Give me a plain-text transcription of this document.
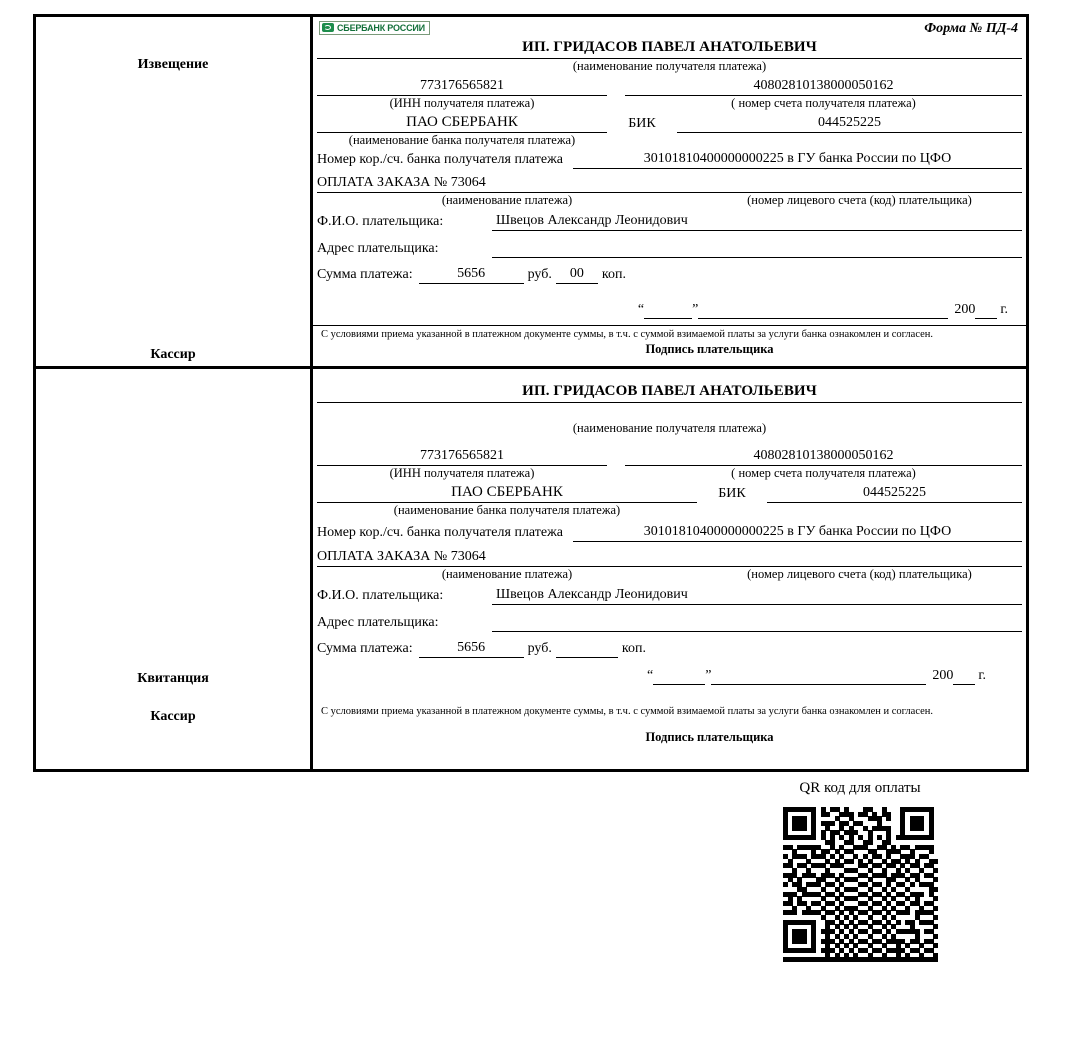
Извещение
Кассир
СБЕРБАНК РОССИИ	Форма № ПД-4
ИП. ГРИДАСОВ ПАВЕЛ АНАТОЛЬЕВИЧ
(наименование получателя платежа)
773176565821	40802810138000050162
(ИНН получателя платежа)	( номер счета получателя платежа)
ПАО СБЕРБАНК	БИК	044525225
(наименование банка получателя платежа)
Номер кор./сч. банка получателя платежа	30101810400000000225 в ГУ банка России по ЦФО
ОПЛАТА ЗАКАЗА № 73064
(наименование платежа)	(номер лицевого счета (код) плательщика)
Ф.И.О. плательщика:	Швецов Александр Леонидович
Адрес плательщика:
Сумма платежа:	5656	руб.	00	коп.
“	”	200 г.
С условиями приема указанной в платежном документе суммы, в т.ч. с суммой взимаемой платы за услуги банка ознакомлен и согласен.
Подпись плательщика
Квитанция
Кассир
ИП. ГРИДАСОВ ПАВЕЛ АНАТОЛЬЕВИЧ
(наименование получателя платежа)
773176565821	40802810138000050162
(ИНН получателя платежа)	( номер счета получателя платежа)
ПАО СБЕРБАНК	БИК	044525225
(наименование банка получателя платежа)
Номер кор./сч. банка получателя платежа	30101810400000000225 в ГУ банка России по ЦФО
ОПЛАТА ЗАКАЗА № 73064
(наименование платежа)	(номер лицевого счета (код) плательщика)
Ф.И.О. плательщика:	Швецов Александр Леонидович
Адрес плательщика:
Сумма платежа:	5656	руб.	коп.
“	”	200 г.
С условиями приема указанной в платежном документе суммы, в т.ч. с суммой взимаемой платы за услуги банка ознакомлен и согласен.
Подпись плательщика
QR код для оплаты
